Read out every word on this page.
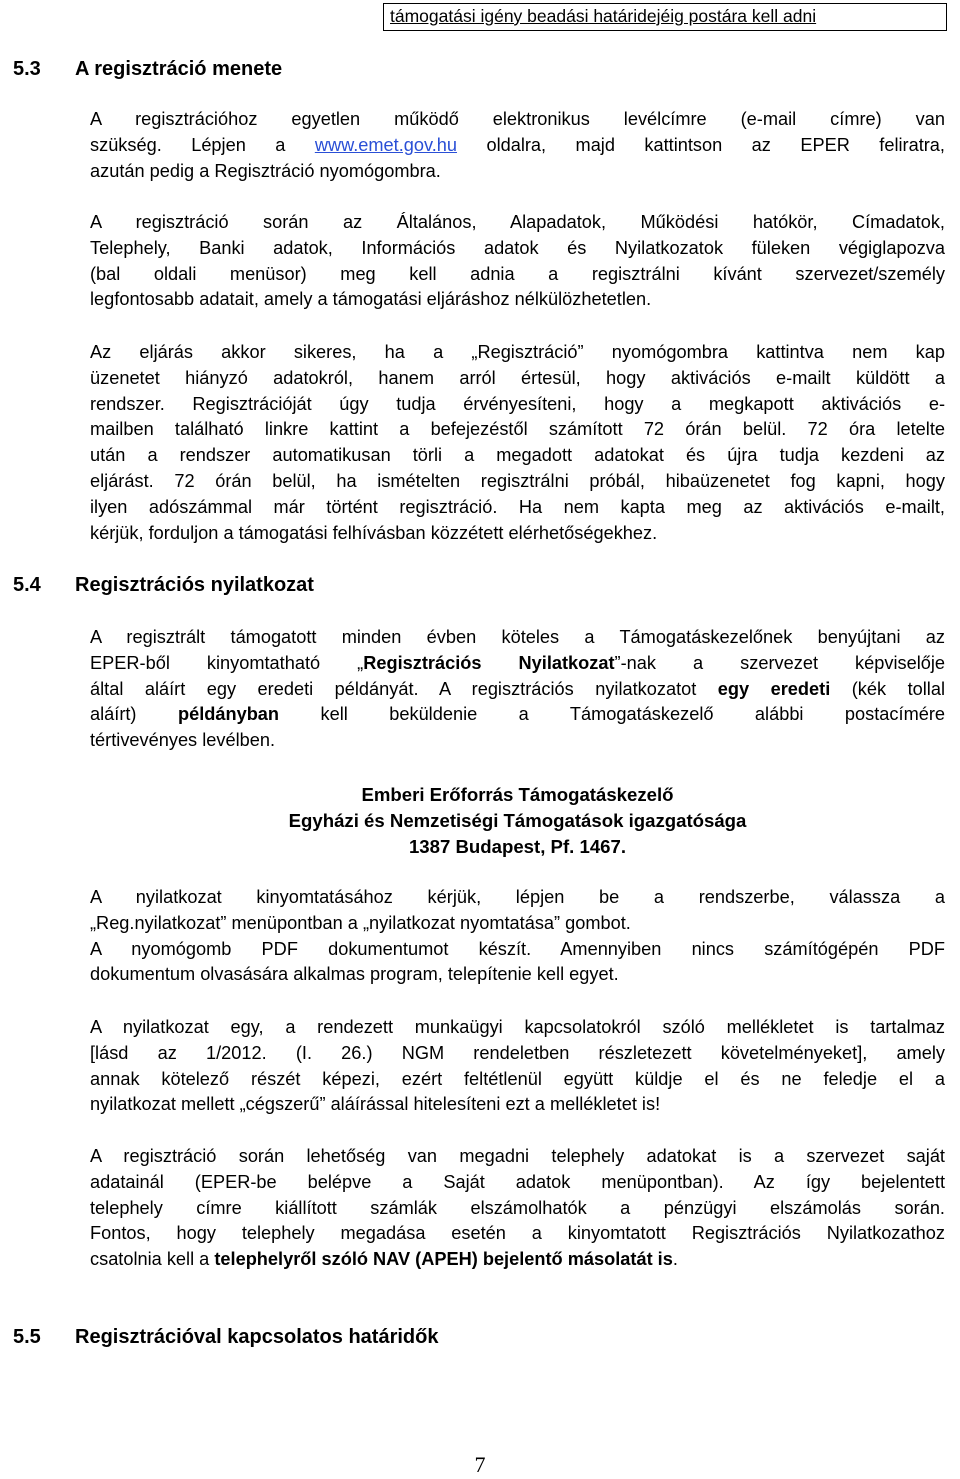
támogatási igény beadási határidejéig postára kell adni
5.3 A regisztráció menete
A regisztrációhoz egyetlen működő elektronikus levélcímre (e-mail címre) van
szükség. Lépjen a www.emet.gov.hu oldalra, majd kattintson az EPER feliratra,
azután pedig a Regisztráció nyomógombra.
A regisztráció során az Általános, Alapadatok, Működési hatókör, Címadatok,
Telephely, Banki adatok, Információs adatok és Nyilatkozatok füleken végiglapozva
(bal oldali menüsor) meg kell adnia a regisztrálni kívánt szervezet/személy
legfontosabb adatait, amely a támogatási eljáráshoz nélkülözhetetlen.
Az eljárás akkor sikeres, ha a „Regisztráció” nyomógombra kattintva nem kap
üzenetet hiányzó adatokról, hanem arról értesül, hogy aktivációs e-mailt küldött a
rendszer. Regisztrációját úgy tudja érvényesíteni, hogy a megkapott aktivációs e-
mailben található linkre kattint a befejezéstől számított 72 órán belül. 72 óra letelte
után a rendszer automatikusan törli a megadott adatokat és újra tudja kezdeni az
eljárást. 72 órán belül, ha ismételten regisztrálni próbál, hibaüzenetet fog kapni, hogy
ilyen adószámmal már történt regisztráció. Ha nem kapta meg az aktivációs e-mailt,
kérjük, forduljon a támogatási felhívásban közzétett elérhetőségekhez.
5.4 Regisztrációs nyilatkozat
A regisztrált támogatott minden évben köteles a Támogatáskezelőnek benyújtani az
EPER-ből kinyomtatható „Regisztrációs Nyilatkozat”-nak a szervezet képviselője
által aláírt egy eredeti példányát. A regisztrációs nyilatkozatot egy eredeti (kék tollal
aláírt) példányban kell beküldenie a Támogatáskezelő alábbi postacímére
tértivevényes levélben.
Emberi Erőforrás Támogatáskezelő
Egyházi és Nemzetiségi Támogatások igazgatósága
1387 Budapest, Pf. 1467.
A nyilatkozat kinyomtatásához kérjük, lépjen be a rendszerbe, válassza a
„Reg.nyilatkozat” menüpontban a „nyilatkozat nyomtatása” gombot.
A nyomógomb PDF dokumentumot készít. Amennyiben nincs számítógépén PDF
dokumentum olvasására alkalmas program, telepítenie kell egyet.
A nyilatkozat egy, a rendezett munkaügyi kapcsolatokról szóló mellékletet is tartalmaz
[lásd az 1/2012. (I. 26.) NGM rendeletben részletezett követelményeket], amely
annak kötelező részét képezi, ezért feltétlenül együtt küldje el és ne feledje el a
nyilatkozat mellett „cégszerű” aláírással hitelesíteni ezt a mellékletet is!
A regisztráció során lehetőség van megadni telephely adatokat is a szervezet saját
adatainál (EPER-be belépve a Saját adatok menüpontban). Az így bejelentett
telephely címre kiállított számlák elszámolhatók a pénzügyi elszámolás során.
Fontos, hogy telephely megadása esetén a kinyomtatott Regisztrációs Nyilatkozathoz
csatolnia kell a telephelyről szóló NAV (APEH) bejelentő másolatát is.
5.5 Regisztrációval kapcsolatos határidők
7
